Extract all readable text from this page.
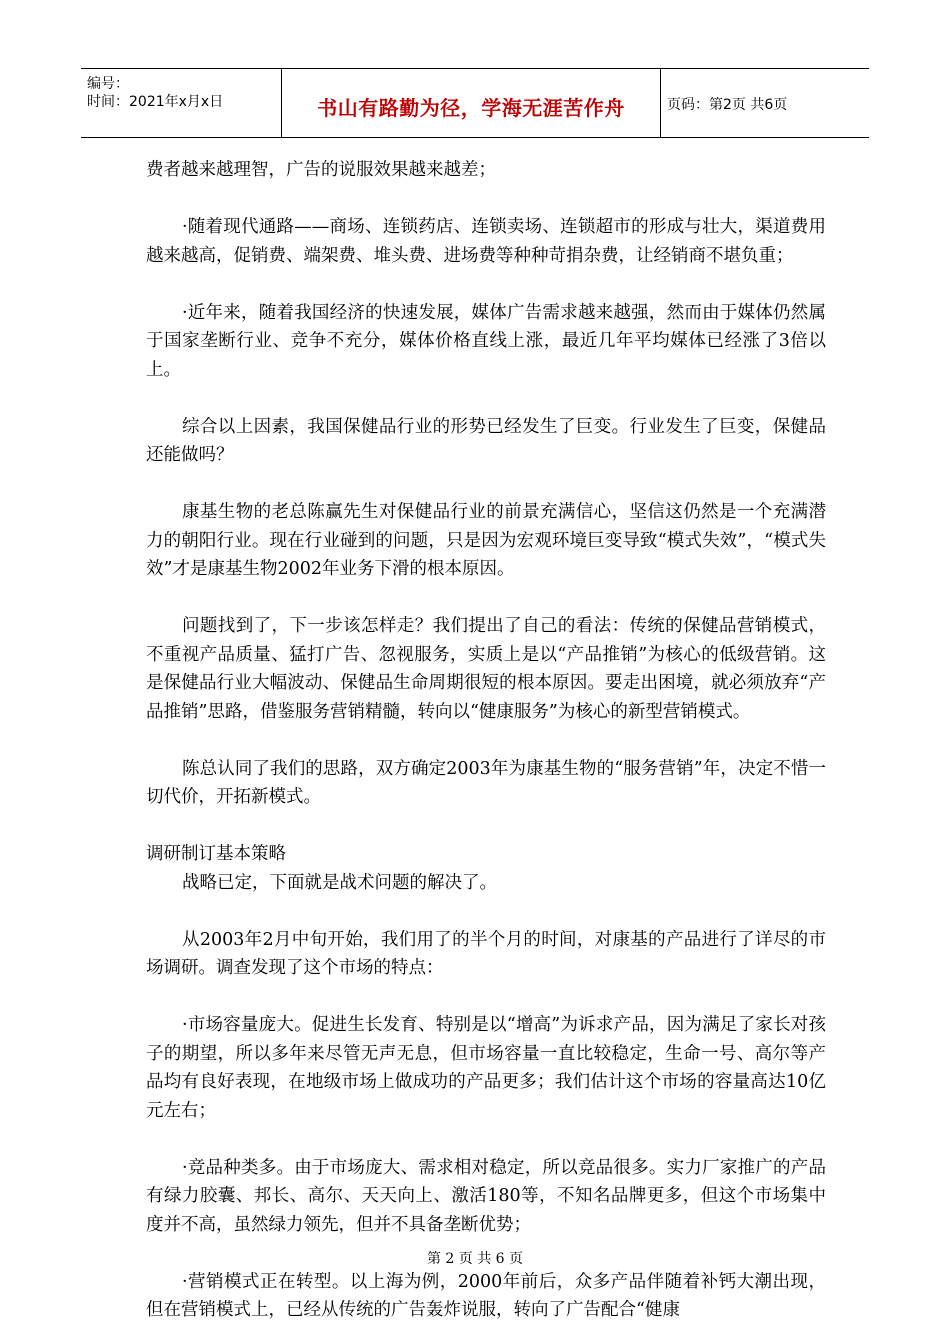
编号：
时间：2021年x月x日	书山有路勤为径，学海无涯苦作舟	页码：第2页 共6页

费者越来越理智，广告的说服效果越来越差；

·随着现代通路——商场、连锁药店、连锁卖场、连锁超市的形成与壮大，渠道费用越来越高，促销费、端架费、堆头费、进场费等种种苛捐杂费，让经销商不堪负重；

·近年来，随着我国经济的快速发展，媒体广告需求越来越强，然而由于媒体仍然属于国家垄断行业、竞争不充分，媒体价格直线上涨，最近几年平均媒体已经涨了3倍以上。

综合以上因素，我国保健品行业的形势已经发生了巨变。行业发生了巨变，保健品还能做吗？

康基生物的老总陈赢先生对保健品行业的前景充满信心，坚信这仍然是一个充满潜力的朝阳行业。现在行业碰到的问题，只是因为宏观环境巨变导致“模式失效”，“模式失效”才是康基生物2002年业务下滑的根本原因。

问题找到了，下一步该怎样走？我们提出了自己的看法：传统的保健品营销模式，不重视产品质量、猛打广告、忽视服务，实质上是以“产品推销”为核心的低级营销。这是保健品行业大幅波动、保健品生命周期很短的根本原因。要走出困境，就必须放弃“产品推销”思路，借鉴服务营销精髓，转向以“健康服务”为核心的新型营销模式。

陈总认同了我们的思路，双方确定2003年为康基生物的“服务营销”年，决定不惜一切代价，开拓新模式。

调研制订基本策略

战略已定，下面就是战术问题的解决了。

从2003年2月中旬开始，我们用了的半个月的时间，对康基的产品进行了详尽的市场调研。调查发现了这个市场的特点：

·市场容量庞大。促进生长发育、特别是以“增高”为诉求产品，因为满足了家长对孩子的期望，所以多年来尽管无声无息，但市场容量一直比较稳定，生命一号、高尔等产品均有良好表现，在地级市场上做成功的产品更多；我们估计这个市场的容量高达10亿元左右；

·竞品种类多。由于市场庞大、需求相对稳定，所以竞品很多。实力厂家推广的产品有绿力胶囊、邦长、高尔、天天向上、激活180等，不知名品牌更多，但这个市场集中度并不高，虽然绿力领先，但并不具备垄断优势；

·营销模式正在转型。以上海为例，2000年前后，众多产品伴随着补钙大潮出现，但在营销模式上，已经从传统的广告轰炸说服，转向了广告配合“健康

第 2 页 共 6 页
